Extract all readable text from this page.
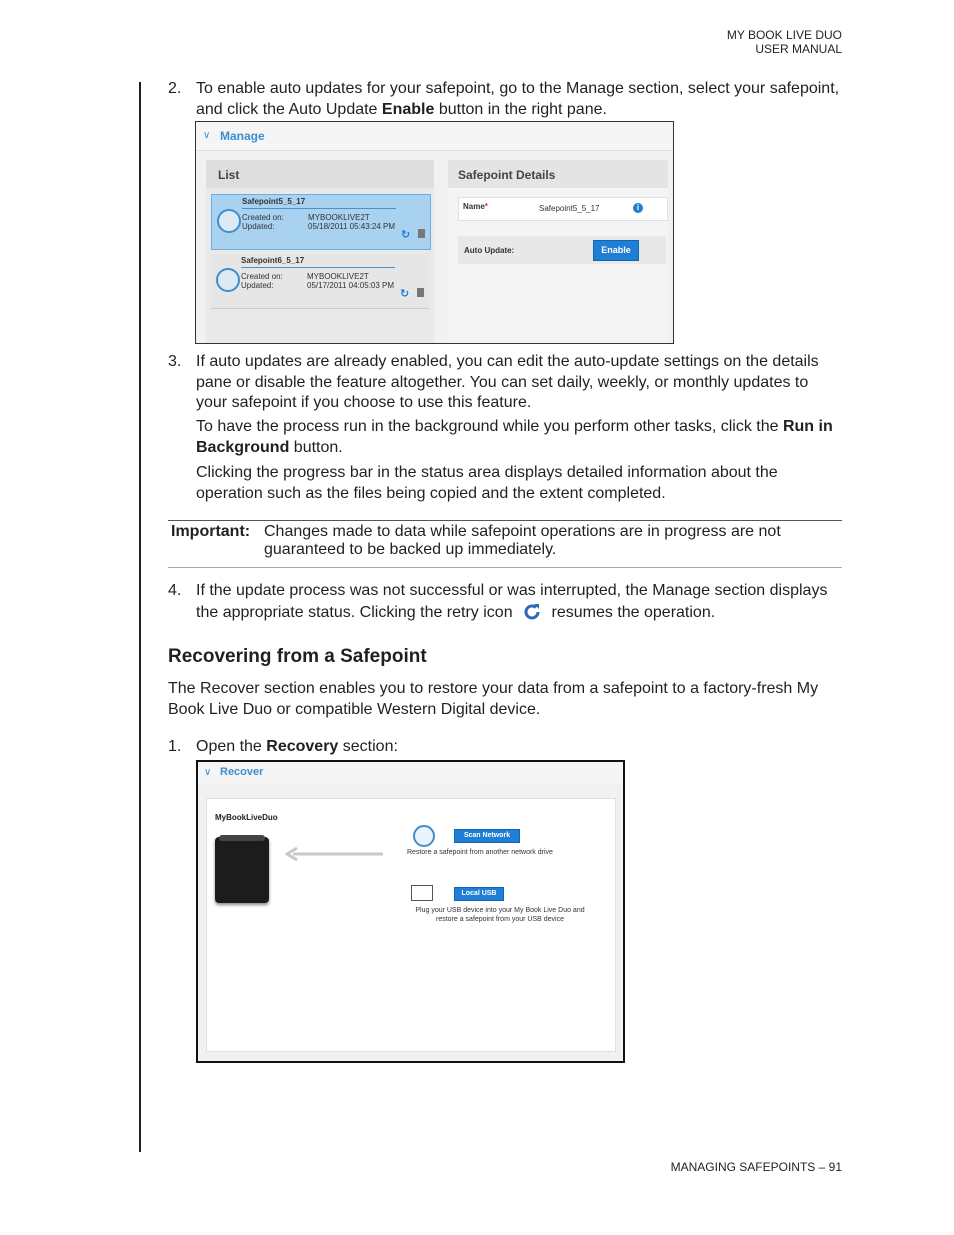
MY BOOK LIVE DUO
USER MANUAL
2. To enable auto updates for your safepoint, go to the Manage section, select your safepoint, and click the Auto Update Enable button in the right pane.
∨ Manage
List
Safepoint5_5_17
Created on:	MYBOOKLIVE2T
Updated:	05/18/2011 05:43:24 PM
↻
Safepoint6_5_17
Created on:	MYBOOKLIVE2T
Updated:	05/17/2011 04:05:03 PM
↻
Safepoint Details
Name*	Safepoint5_5_17	i
Auto Update:	Enable
3. If auto updates are already enabled, you can edit the auto-update settings on the details pane or disable the feature altogether. You can set daily, weekly, or monthly updates to your safepoint if you choose to use this feature.
To have the process run in the background while you perform other tasks, click the Run in Background button.
Clicking the progress bar in the status area displays detailed information about the operation such as the files being copied and the extent completed.
Important: Changes made to data while safepoint operations are in progress are not guaranteed to be backed up immediately.
4. If the update process was not successful or was interrupted, the Manage section displays the appropriate status. Clicking the retry icon resumes the operation.
Recovering from a Safepoint
The Recover section enables you to restore your data from a safepoint to a factory-fresh My Book Live Duo or compatible Western Digital device.
1. Open the Recovery section:
∨ Recover
MyBookLiveDuo
Scan Network
Restore a safepoint from another network drive
Local USB
Plug your USB device into your My Book Live Duo and
restore a safepoint from your USB device
MANAGING SAFEPOINTS – 91
